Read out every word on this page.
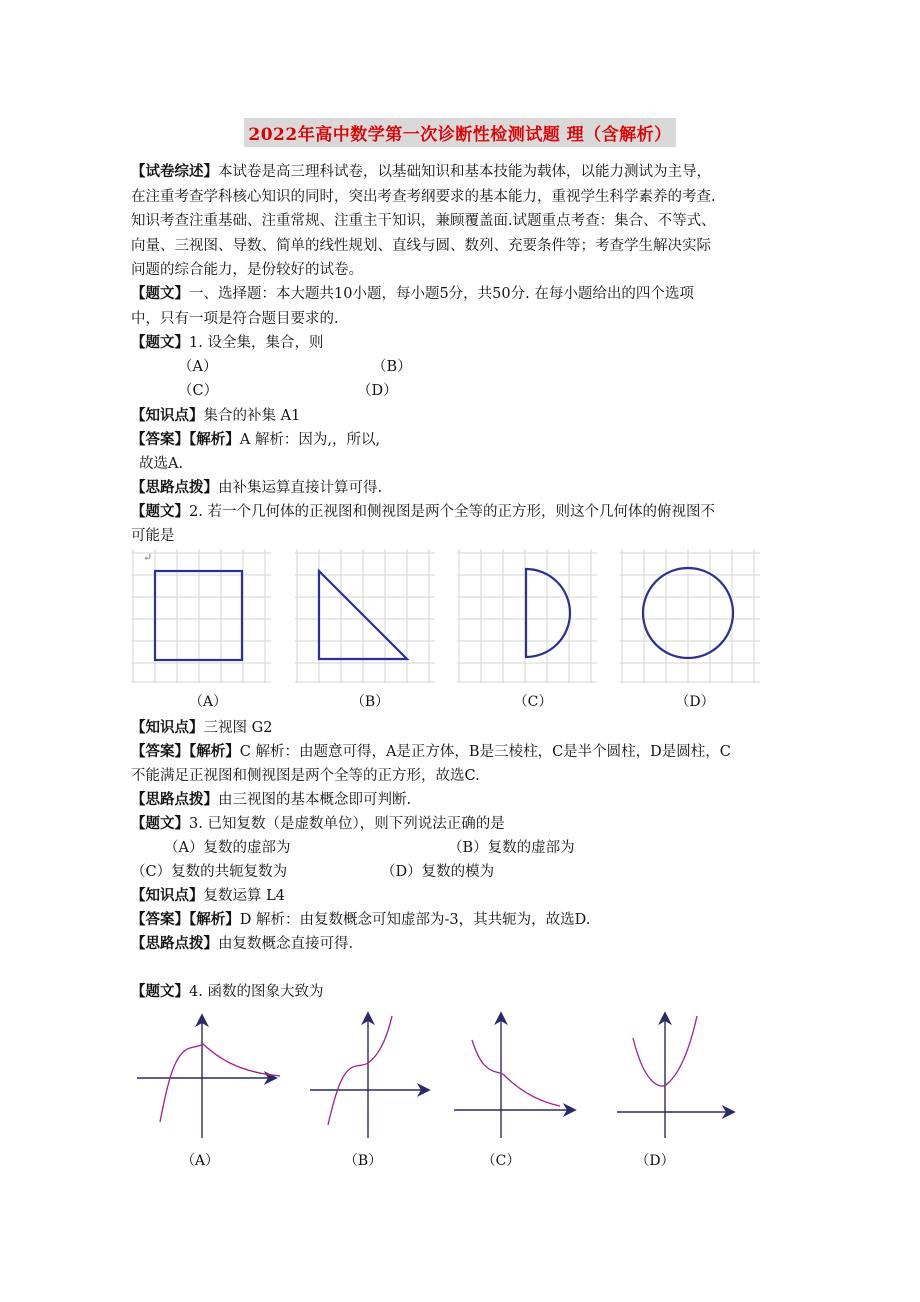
2022年高中数学第一次诊断性检测试题 理（含解析）
【试卷综述】本试卷是高三理科试卷，以基础知识和基本技能为载体，以能力测试为主导，
在注重考查学科核心知识的同时，突出考查考纲要求的基本能力，重视学生科学素养的考查.
知识考查注重基础、注重常规、注重主干知识，兼顾覆盖面.试题重点考查：集合、不等式、
向量、三视图、导数、简单的线性规划、直线与圆、数列、充要条件等；考查学生解决实际
问题的综合能力，是份较好的试卷。
【题文】一、选择题：本大题共10小题，每小题5分，共50分. 在每小题给出的四个选项
中，只有一项是符合题目要求的.
【题文】1. 设全集，集合，则
（A）	（B）
（C）	（D）
【知识点】集合的补集 A1
【答案】【解析】A 解析：因为,，所以,
故选A.
【思路点拨】由补集运算直接计算可得.
【题文】2. 若一个几何体的正视图和侧视图是两个全等的正方形，则这个几何体的俯视图不
可能是
↵
（A）	（B）	（C）	（D）
【知识点】三视图 G2
【答案】【解析】C 解析：由题意可得，A是正方体，B是三棱柱，C是半个圆柱，D是圆柱，C
不能满足正视图和侧视图是两个全等的正方形，故选C.
【思路点拨】由三视图的基本概念即可判断.
【题文】3. 已知复数（是虚数单位），则下列说法正确的是
（A）复数的虚部为	（B）复数的虚部为
（C）复数的共轭复数为	（D）复数的模为
【知识点】复数运算 L4
【答案】【解析】D 解析：由复数概念可知虚部为-3，其共轭为，故选D.
【思路点拨】由复数概念直接可得.
【题文】4. 函数的图象大致为
（A）	（B）	（C）	（D）
